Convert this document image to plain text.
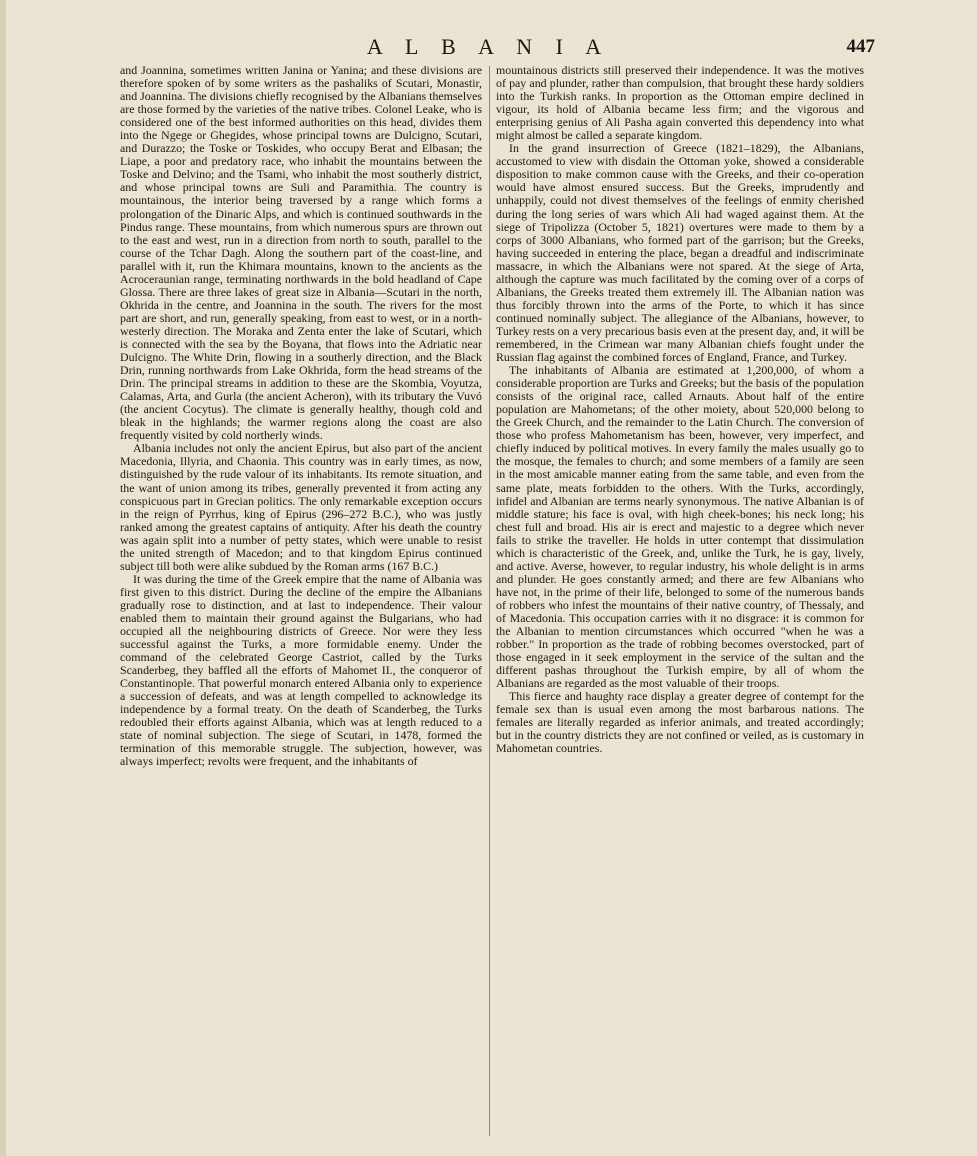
A L B A N I A	447

and Joannina, sometimes written Janina or Yanina; and these divisions are therefore spoken of by some writers as the pashaliks of Scutari, Monastir, and Joannina. The divisions chiefly recognised by the Albanians themselves are those formed by the varieties of the native tribes. Colonel Leake, who is considered one of the best informed authorities on this head, divides them into the Ngege or Ghegides, whose principal towns are Dulcigno, Scutari, and Durazzo; the Toske or Toskides, who occupy Berat and Elbasan; the Liape, a poor and predatory race, who inhabit the mountains between the Toske and Delvino; and the Tsami, who inhabit the most southerly district, and whose principal towns are Suli and Paramithia. The country is mountainous, the interior being traversed by a range which forms a prolongation of the Dinaric Alps, and which is continued southwards in the Pindus range. These mountains, from which numerous spurs are thrown out to the east and west, run in a direction from north to south, parallel to the course of the Tchar Dagh. Along the southern part of the coast-line, and parallel with it, run the Khimara mountains, known to the ancients as the Acroceraunian range, terminating northwards in the bold headland of Cape Glossa. There are three lakes of great size in Albania—Scutari in the north, Okhrida in the centre, and Joannina in the south. The rivers for the most part are short, and run, generally speaking, from east to west, or in a north-westerly direction. The Moraka and Zenta enter the lake of Scutari, which is connected with the sea by the Boyana, that flows into the Adriatic near Dulcigno. The White Drin, flowing in a southerly direction, and the Black Drin, running northwards from Lake Okhrida, form the head streams of the Drin. The principal streams in addition to these are the Skombia, Voyutza, Calamas, Arta, and Gurla (the ancient Acheron), with its tributary the Vuvó (the ancient Cocytus). The climate is generally healthy, though cold and bleak in the highlands; the warmer regions along the coast are also frequently visited by cold northerly winds.

Albania includes not only the ancient Epirus, but also part of the ancient Macedonia, Illyria, and Chaonia. This country was in early times, as now, distinguished by the rude valour of its inhabitants. Its remote situation, and the want of union among its tribes, generally prevented it from acting any conspicuous part in Grecian politics. The only remarkable exception occurs in the reign of Pyrrhus, king of Epirus (296–272 B.C.), who was justly ranked among the greatest captains of antiquity. After his death the country was again split into a number of petty states, which were unable to resist the united strength of Macedon; and to that kingdom Epirus continued subject till both were alike subdued by the Roman arms (167 B.C.)

It was during the time of the Greek empire that the name of Albania was first given to this district. During the decline of the empire the Albanians gradually rose to distinction, and at last to independence. Their valour enabled them to maintain their ground against the Bulgarians, who had occupied all the neighbouring districts of Greece. Nor were they less successful against the Turks, a more formidable enemy. Under the command of the celebrated George Castriot, called by the Turks Scanderbeg, they baffled all the efforts of Mahomet II., the conqueror of Constantinople. That powerful monarch entered Albania only to experience a succession of defeats, and was at length compelled to acknowledge its independence by a formal treaty. On the death of Scanderbeg, the Turks redoubled their efforts against Albania, which was at length reduced to a state of nominal subjection. The siege of Scutari, in 1478, formed the termination of this memorable struggle. The subjection, however, was always imperfect; revolts were frequent, and the inhabitants of

mountainous districts still preserved their independence. It was the motives of pay and plunder, rather than compulsion, that brought these hardy soldiers into the Turkish ranks. In proportion as the Ottoman empire declined in vigour, its hold of Albania became less firm; and the vigorous and enterprising genius of Ali Pasha again converted this dependency into what might almost be called a separate kingdom.

In the grand insurrection of Greece (1821–1829), the Albanians, accustomed to view with disdain the Ottoman yoke, showed a considerable disposition to make common cause with the Greeks, and their co-operation would have almost ensured success. But the Greeks, imprudently and unhappily, could not divest themselves of the feelings of enmity cherished during the long series of wars which Ali had waged against them. At the siege of Tripolizza (October 5, 1821) overtures were made to them by a corps of 3000 Albanians, who formed part of the garrison; but the Greeks, having succeeded in entering the place, began a dreadful and indiscriminate massacre, in which the Albanians were not spared. At the siege of Arta, although the capture was much facilitated by the coming over of a corps of Albanians, the Greeks treated them extremely ill. The Albanian nation was thus forcibly thrown into the arms of the Porte, to which it has since continued nominally subject. The allegiance of the Albanians, however, to Turkey rests on a very precarious basis even at the present day, and, it will be remembered, in the Crimean war many Albanian chiefs fought under the Russian flag against the combined forces of England, France, and Turkey.

The inhabitants of Albania are estimated at 1,200,000, of whom a considerable proportion are Turks and Greeks; but the basis of the population consists of the original race, called Arnauts. About half of the entire population are Mahometans; of the other moiety, about 520,000 belong to the Greek Church, and the remainder to the Latin Church. The conversion of those who profess Mahometanism has been, however, very imperfect, and chiefly induced by political motives. In every family the males usually go to the mosque, the females to church; and some members of a family are seen in the most amicable manner eating from the same table, and even from the same plate, meats forbidden to the others. With the Turks, accordingly, infidel and Albanian are terms nearly synonymous. The native Albanian is of middle stature; his face is oval, with high cheek-bones; his neck long; his chest full and broad. His air is erect and majestic to a degree which never fails to strike the traveller. He holds in utter contempt that dissimulation which is characteristic of the Greek, and, unlike the Turk, he is gay, lively, and active. Averse, however, to regular industry, his whole delight is in arms and plunder. He goes constantly armed; and there are few Albanians who have not, in the prime of their life, belonged to some of the numerous bands of robbers who infest the mountains of their native country, of Thessaly, and of Macedonia. This occupation carries with it no disgrace: it is common for the Albanian to mention circumstances which occurred "when he was a robber." In proportion as the trade of robbing becomes overstocked, part of those engaged in it seek employment in the service of the sultan and the different pashas throughout the Turkish empire, by all of whom the Albanians are regarded as the most valuable of their troops.

This fierce and haughty race display a greater degree of contempt for the female sex than is usual even among the most barbarous nations. The females are literally regarded as inferior animals, and treated accordingly; but in the country districts they are not confined or veiled, as is customary in Mahometan countries.
